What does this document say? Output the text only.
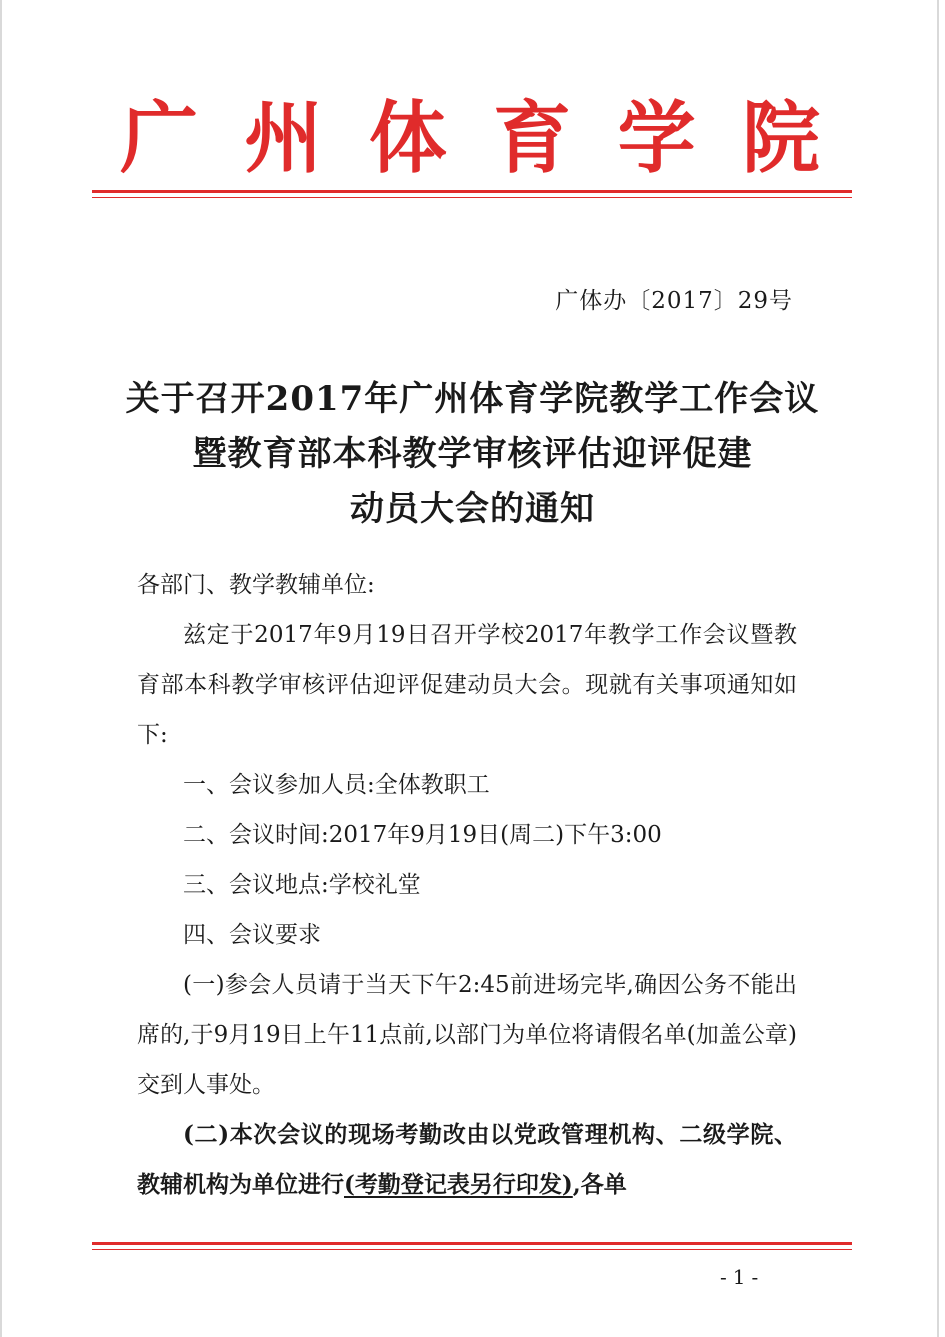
广 州 体 育 学 院
广体办〔2017〕29号
关于召开2017年广州体育学院教学工作会议
暨教育部本科教学审核评估迎评促建
动员大会的通知
各部门、教学教辅单位:
兹定于2017年9月19日召开学校2017年教学工作会议暨教育部本科教学审核评估迎评促建动员大会。现就有关事项通知如下:
一、会议参加人员:全体教职工
二、会议时间:2017年9月19日(周二)下午3:00
三、会议地点:学校礼堂
四、会议要求
(一)参会人员请于当天下午2:45前进场完毕,确因公务不能出席的,于9月19日上午11点前,以部门为单位将请假名单(加盖公章)交到人事处。
(二)本次会议的现场考勤改由以党政管理机构、二级学院、教辅机构为单位进行(考勤登记表另行印发),各单
-1-
